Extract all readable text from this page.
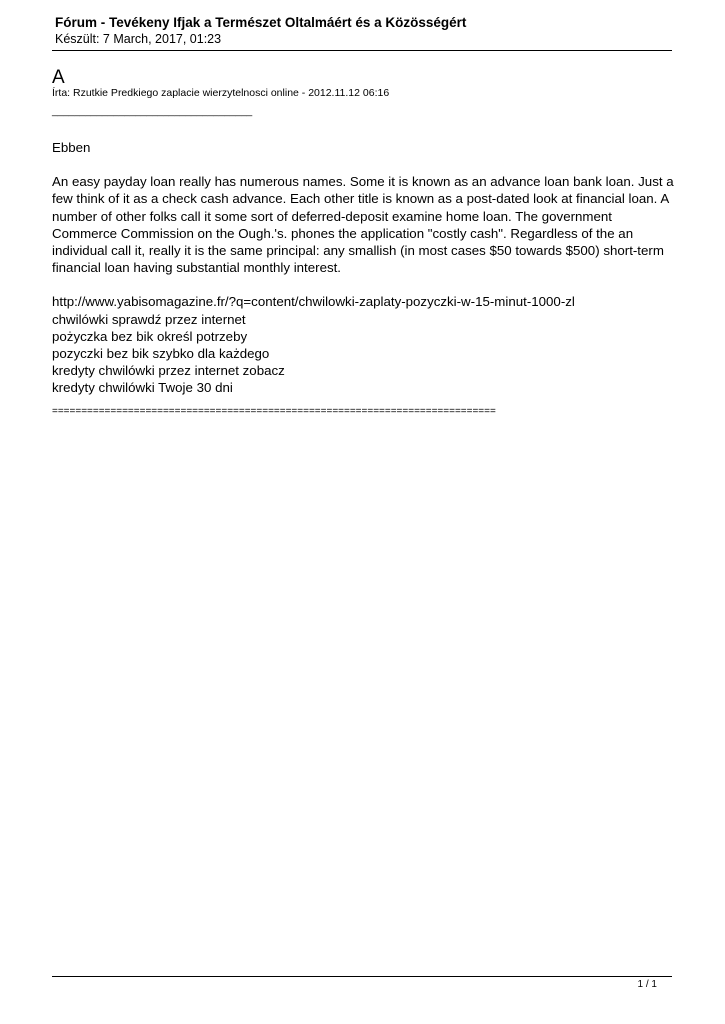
Fórum - Tevékeny Ifjak a Természet Oltalmáért és a Közösségért
Készült: 7 March, 2017, 01:23
A
Írta: Rzutkie Predkiego zaplacie wierzytelnosci online - 2012.11.12 06:16
____________________________________

Ebben

An easy payday loan really has numerous names. Some it is known as an advance loan bank loan. Just a few think of it as a check cash advance. Each other title is known as a post-dated look at financial loan. A number of other folks call it some sort of deferred-deposit examine home loan. The government Commerce Commission on the Ough.'s. phones the application "costly cash". Regardless of the an individual call it, really it is the same principal: any smallish (in most cases $50 towards $500) short-term financial loan having substantial monthly interest.

http://www.yabisomagazine.fr/?q=content/chwilowki-zaplaty-pozyczki-w-15-minut-1000-zl
chwilówki sprawdź przez internet
pożyczka bez bik określ potrzeby
pozyczki bez bik szybko dla każdego
kredyty chwilówki przez internet zobacz
kredyty chwilówki Twoje 30 dni
============================================================================
1 / 1
